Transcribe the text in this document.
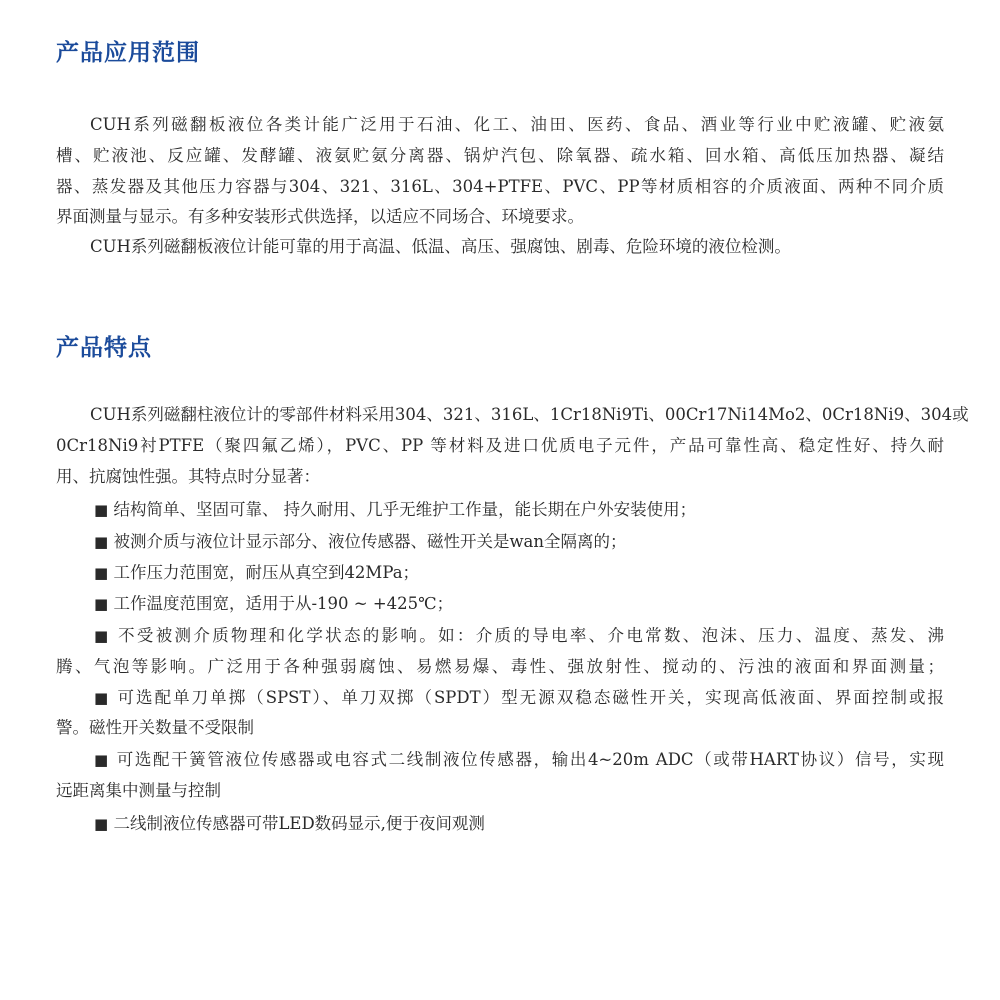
产品应用范围

CUH系列磁翻板液位各类计能广泛用于石油、化工、油田、医药、食品、酒业等行业中贮液罐、贮液氨

槽、贮液池、反应罐、发酵罐、液氨贮氨分离器、锅炉汽包、除氧器、疏水箱、回水箱、高低压加热器、凝结

器、蒸发器及其他压力容器与304、321、316L、304+PTFE、PVC、PP等材质相容的介质液面、两种不同介质

界面测量与显示。有多种安装形式供选择，以适应不同场合、环境要求。

CUH系列磁翻板液位计能可靠的用于高温、低温、高压、强腐蚀、剧毒、危险环境的液位检测。

产品特点

CUH系列磁翻柱液位计的零部件材料采用304、321、316L、1Cr18Ni9Ti、00Cr17Ni14Mo2、0Cr18Ni9、304或

0Cr18Ni9衬PTFE（聚四氟乙烯），PVC、PP 等材料及进口优质电子元件，产品可靠性高、稳定性好、持久耐

用、抗腐蚀性强。其特点时分显著：

■ 结构简单、坚固可靠、 持久耐用、几乎无维护工作量，能长期在户外安装使用；
■ 被测介质与液位计显示部分、液位传感器、磁性开关是wan全隔离的；
■ 工作压力范围宽，耐压从真空到42MPa；
■ 工作温度范围宽，适用于从-190 ~ +425℃；
■ 不受被测介质物理和化学状态的影响。如：介质的导电率、介电常数、泡沫、压力、温度、蒸发、沸

腾、气泡等影响。广泛用于各种强弱腐蚀、易燃易爆、毒性、强放射性、搅动的、污浊的液面和界面测量；

■ 可选配单刀单掷（SPST）、单刀双掷（SPDT）型无源双稳态磁性开关，实现高低液面、界面控制或报

警。磁性开关数量不受限制

■ 可选配干簧管液位传感器或电容式二线制液位传感器，输出4~20m ADC（或带HART协议）信号，实现

远距离集中测量与控制

■ 二线制液位传感器可带LED数码显示,便于夜间观测
